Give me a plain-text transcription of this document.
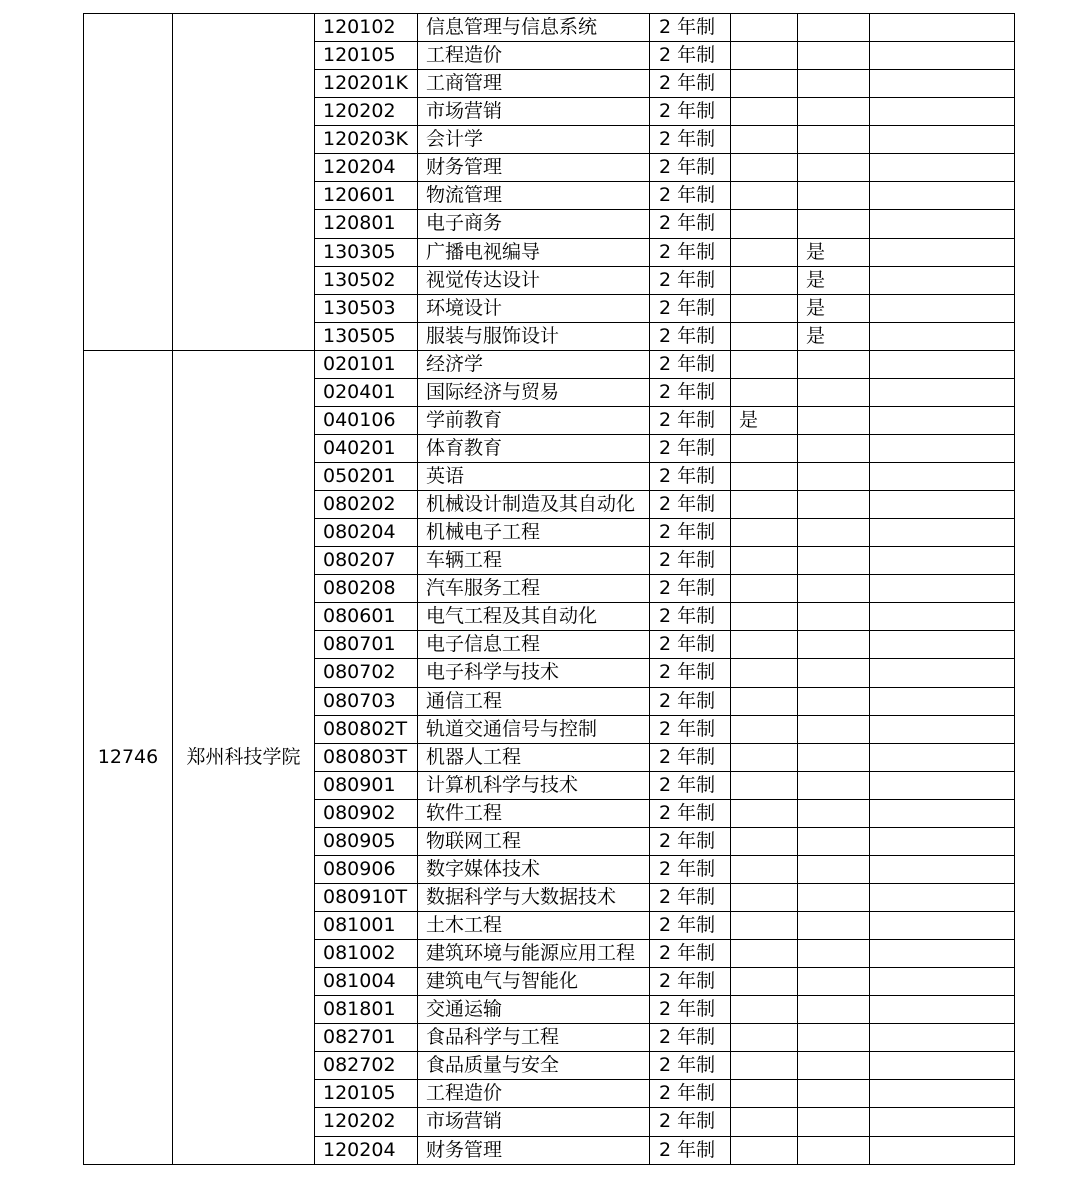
		120102	信息管理与信息系统	2 年制			
		120105	工程造价	2 年制			
		120201K	工商管理	2 年制			
		120202	市场营销	2 年制			
		120203K	会计学	2 年制			
		120204	财务管理	2 年制			
		120601	物流管理	2 年制			
		120801	电子商务	2 年制			
		130305	广播电视编导	2 年制		是	
		130502	视觉传达设计	2 年制		是	
		130503	环境设计	2 年制		是	
		130505	服装与服饰设计	2 年制		是	
12746	郑州科技学院	020101	经济学	2 年制			
		020401	国际经济与贸易	2 年制			
		040106	学前教育	2 年制	是		
		040201	体育教育	2 年制			
		050201	英语	2 年制			
		080202	机械设计制造及其自动化	2 年制			
		080204	机械电子工程	2 年制			
		080207	车辆工程	2 年制			
		080208	汽车服务工程	2 年制			
		080601	电气工程及其自动化	2 年制			
		080701	电子信息工程	2 年制			
		080702	电子科学与技术	2 年制			
		080703	通信工程	2 年制			
		080802T	轨道交通信号与控制	2 年制			
		080803T	机器人工程	2 年制			
		080901	计算机科学与技术	2 年制			
		080902	软件工程	2 年制			
		080905	物联网工程	2 年制			
		080906	数字媒体技术	2 年制			
		080910T	数据科学与大数据技术	2 年制			
		081001	土木工程	2 年制			
		081002	建筑环境与能源应用工程	2 年制			
		081004	建筑电气与智能化	2 年制			
		081801	交通运输	2 年制			
		082701	食品科学与工程	2 年制			
		082702	食品质量与安全	2 年制			
		120105	工程造价	2 年制			
		120202	市场营销	2 年制			
		120204	财务管理	2 年制			
